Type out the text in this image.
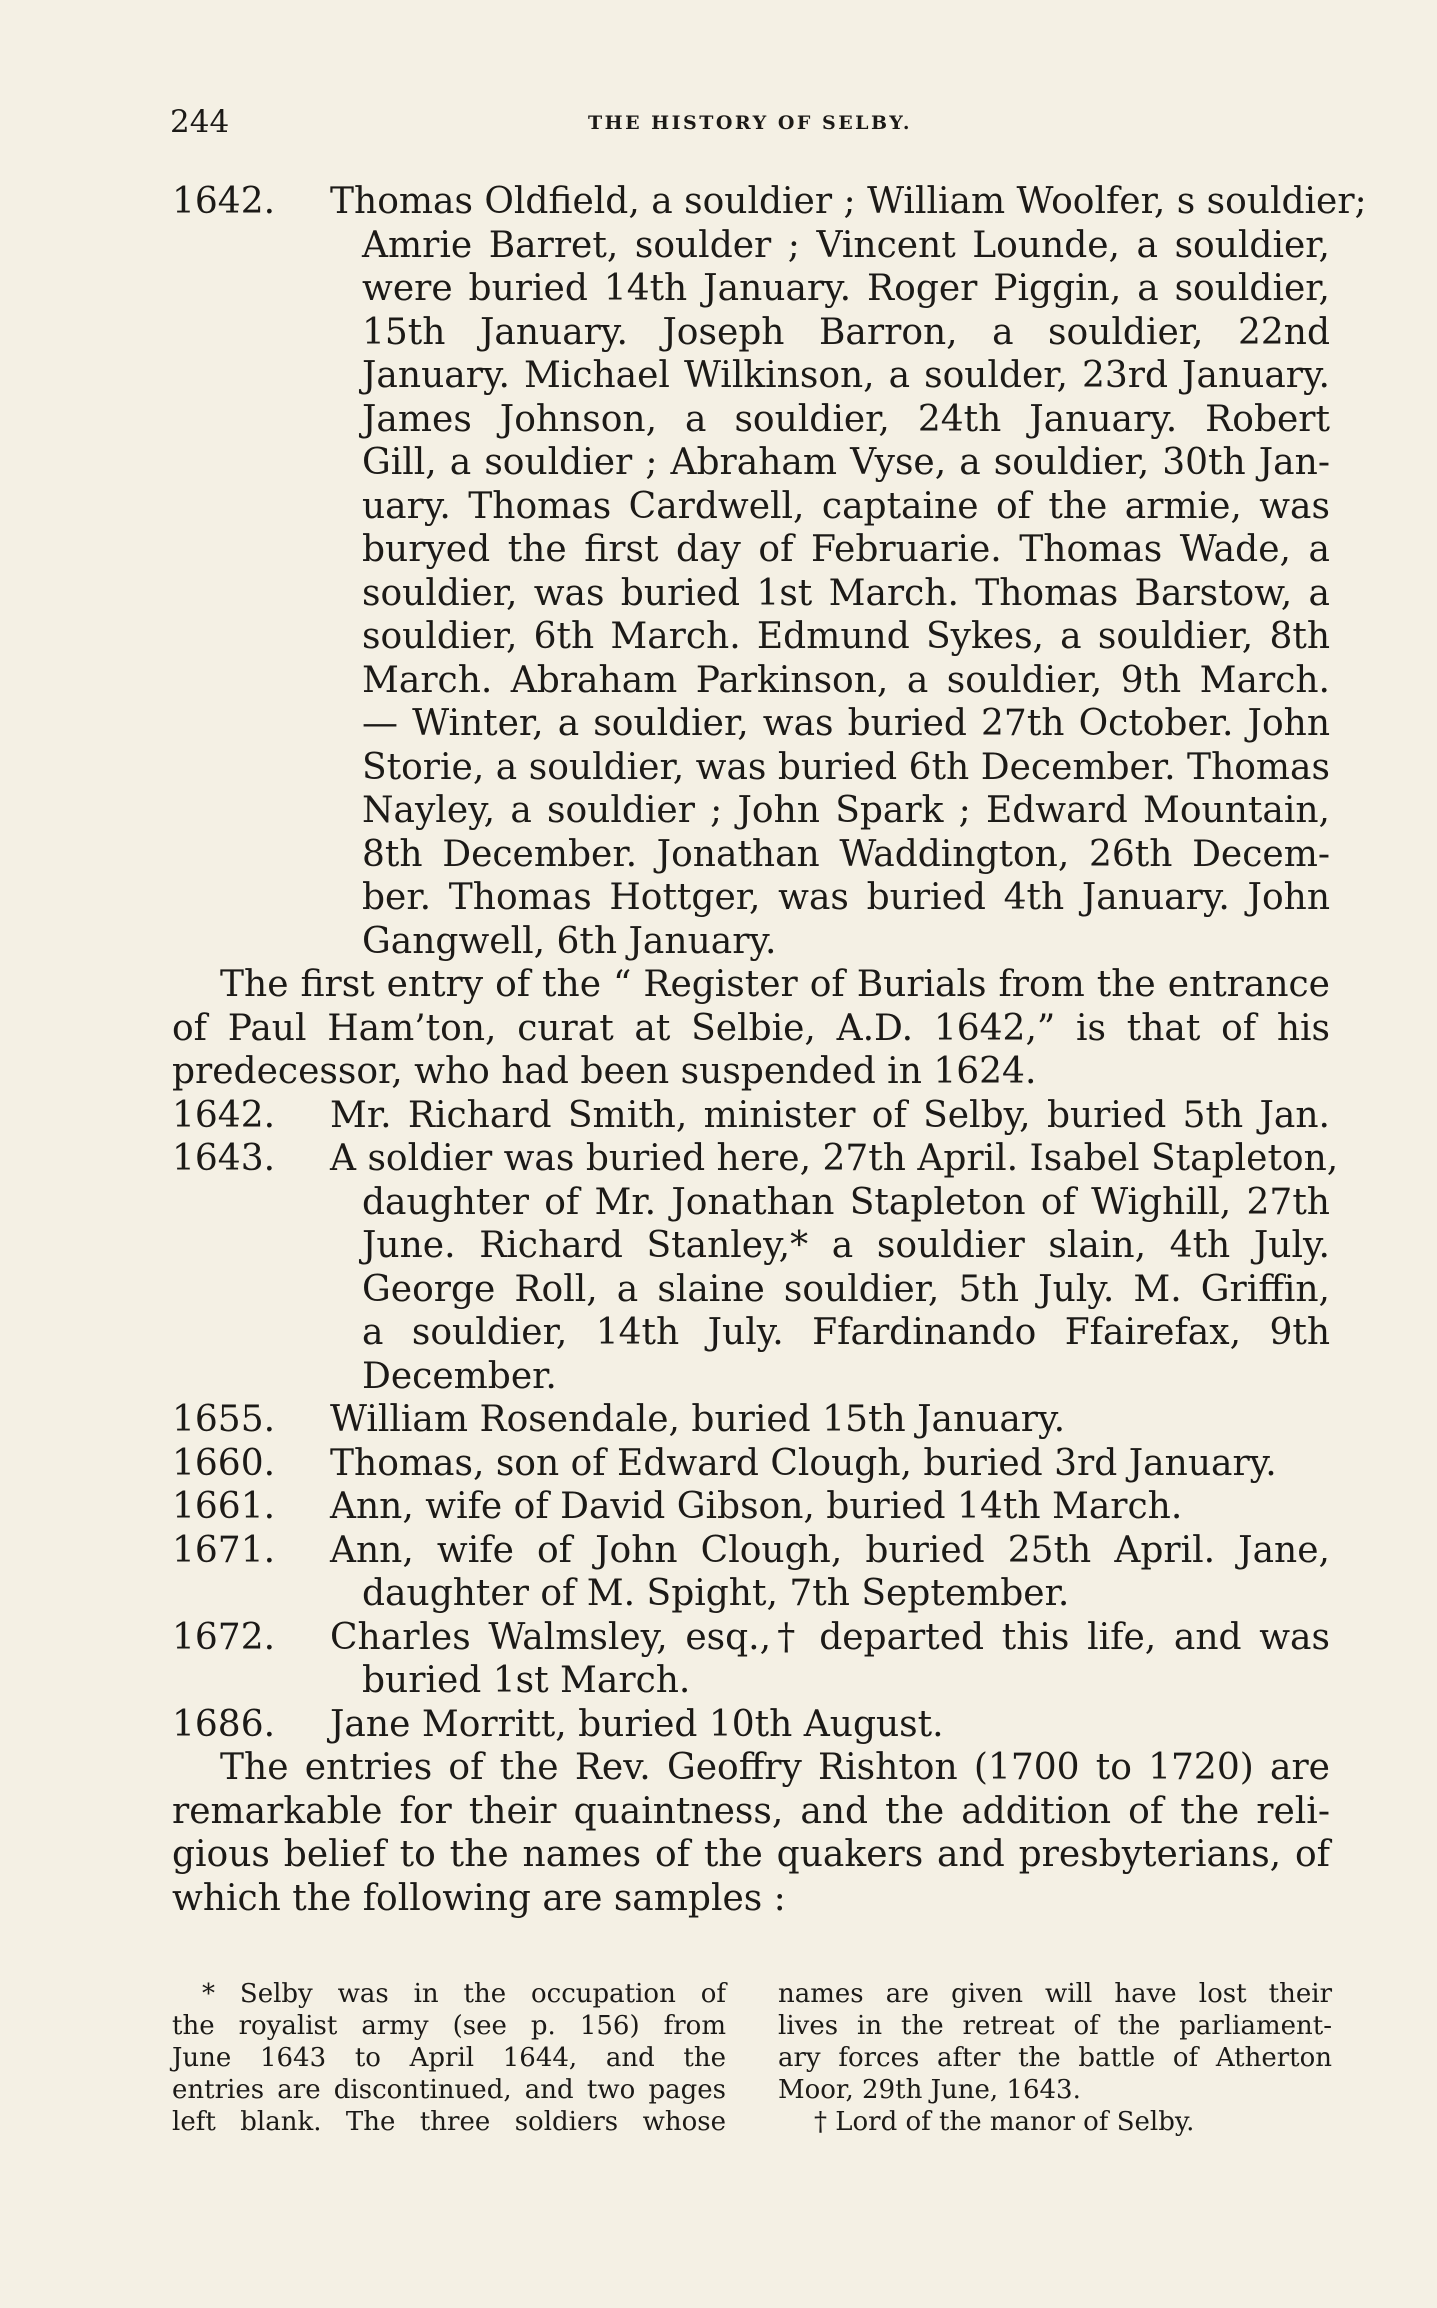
244	THE HISTORY OF SELBY.
1642. Thomas Oldfield, a souldier ; William Woolfer, s souldier;
Amrie Barret, soulder ; Vincent Lounde, a souldier,
were buried 14th January. Roger Piggin, a souldier,
15th January. Joseph Barron, a souldier, 22nd
January. Michael Wilkinson, a soulder, 23rd January.
James Johnson, a souldier, 24th January. Robert
Gill, a souldier ; Abraham Vyse, a souldier, 30th Jan-
uary. Thomas Cardwell, captaine of the armie, was
buryed the first day of Februarie. Thomas Wade, a
souldier, was buried 1st March. Thomas Barstow, a
souldier, 6th March. Edmund Sykes, a souldier, 8th
March. Abraham Parkinson, a souldier, 9th March.
— Winter, a souldier, was buried 27th October. John
Storie, a souldier, was buried 6th December. Thomas
Nayley, a souldier ; John Spark ; Edward Mountain,
8th December. Jonathan Waddington, 26th Decem-
ber. Thomas Hottger, was buried 4th January. John
Gangwell, 6th January.
The first entry of the “ Register of Burials from the entrance
of Paul Ham’ton, curat at Selbie, A.D. 1642,” is that of his
predecessor, who had been suspended in 1624.
1642. Mr. Richard Smith, minister of Selby, buried 5th Jan.
1643. A soldier was buried here, 27th April. Isabel Stapleton,
daughter of Mr. Jonathan Stapleton of Wighill, 27th
June. Richard Stanley,* a souldier slain, 4th July.
George Roll, a slaine souldier, 5th July. M. Griffin,
a souldier, 14th July. Ffardinando Ffairefax, 9th
December.
1655. William Rosendale, buried 15th January.
1660. Thomas, son of Edward Clough, buried 3rd January.
1661. Ann, wife of David Gibson, buried 14th March.
1671. Ann, wife of John Clough, buried 25th April. Jane,
daughter of M. Spight, 7th September.
1672. Charles Walmsley, esq.,† departed this life, and was
buried 1st March.
1686. Jane Morritt, buried 10th August.
The entries of the Rev. Geoffry Rishton (1700 to 1720) are
remarkable for their quaintness, and the addition of the reli-
gious belief to the names of the quakers and presbyterians, of
which the following are samples :
* Selby was in the occupation of
the royalist army (see p. 156) from
June 1643 to April 1644, and the
entries are discontinued, and two pages
left blank. The three soldiers whose
names are given will have lost their
lives in the retreat of the parliament-
ary forces after the battle of Atherton
Moor, 29th June, 1643.
† Lord of the manor of Selby.
